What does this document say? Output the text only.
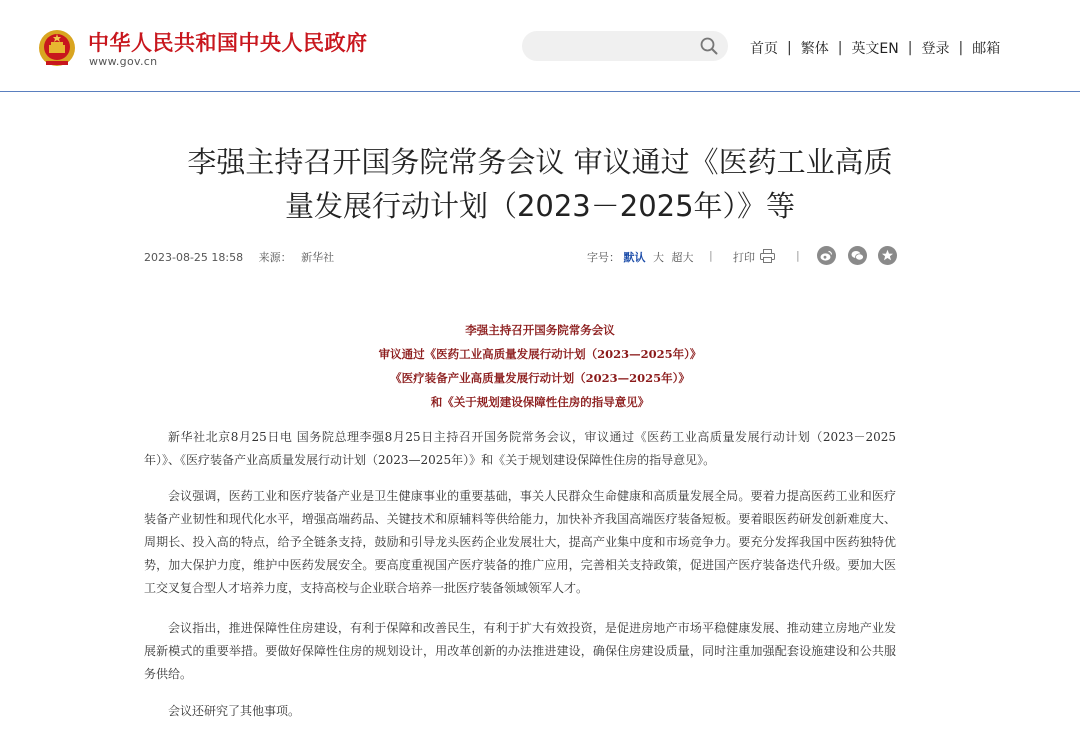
中华人民共和国中央人民政府
www.gov.cn
首页 | 繁体 | 英文EN | 登录 | 邮箱
李强主持召开国务院常务会议 审议通过《医药工业高质
量发展行动计划（2023－2025年）》等
2023-08-25 18:58 来源： 新华社	字号： 默认 大 超大 | 打印	|
李强主持召开国务院常务会议
审议通过《医药工业高质量发展行动计划（2023—2025年）》
《医疗装备产业高质量发展行动计划（2023—2025年）》
和《关于规划建设保障性住房的指导意见》

新华社北京8月25日电 国务院总理李强8月25日主持召开国务院常务会议，审议通过《医药工业高质量发展行动计划（2023－2025年）》、《医疗装备产业高质量发展行动计划（2023—2025年）》和《关于规划建设保障性住房的指导意见》。

会议强调，医药工业和医疗装备产业是卫生健康事业的重要基础，事关人民群众生命健康和高质量发展全局。要着力提高医药工业和医疗装备产业韧性和现代化水平，增强高端药品、关键技术和原辅料等供给能力，加快补齐我国高端医疗装备短板。要着眼医药研发创新难度大、周期长、投入高的特点，给予全链条支持，鼓励和引导龙头医药企业发展壮大，提高产业集中度和市场竞争力。要充分发挥我国中医药独特优势，加大保护力度，维护中医药发展安全。要高度重视国产医疗装备的推广应用，完善相关支持政策，促进国产医疗装备迭代升级。要加大医工交叉复合型人才培养力度，支持高校与企业联合培养一批医疗装备领域领军人才。

会议指出，推进保障性住房建设，有利于保障和改善民生，有利于扩大有效投资，是促进房地产市场平稳健康发展、推动建立房地产业发展新模式的重要举措。要做好保障性住房的规划设计，用改革创新的办法推进建设，确保住房建设质量，同时注重加强配套设施建设和公共服务供给。

会议还研究了其他事项。
